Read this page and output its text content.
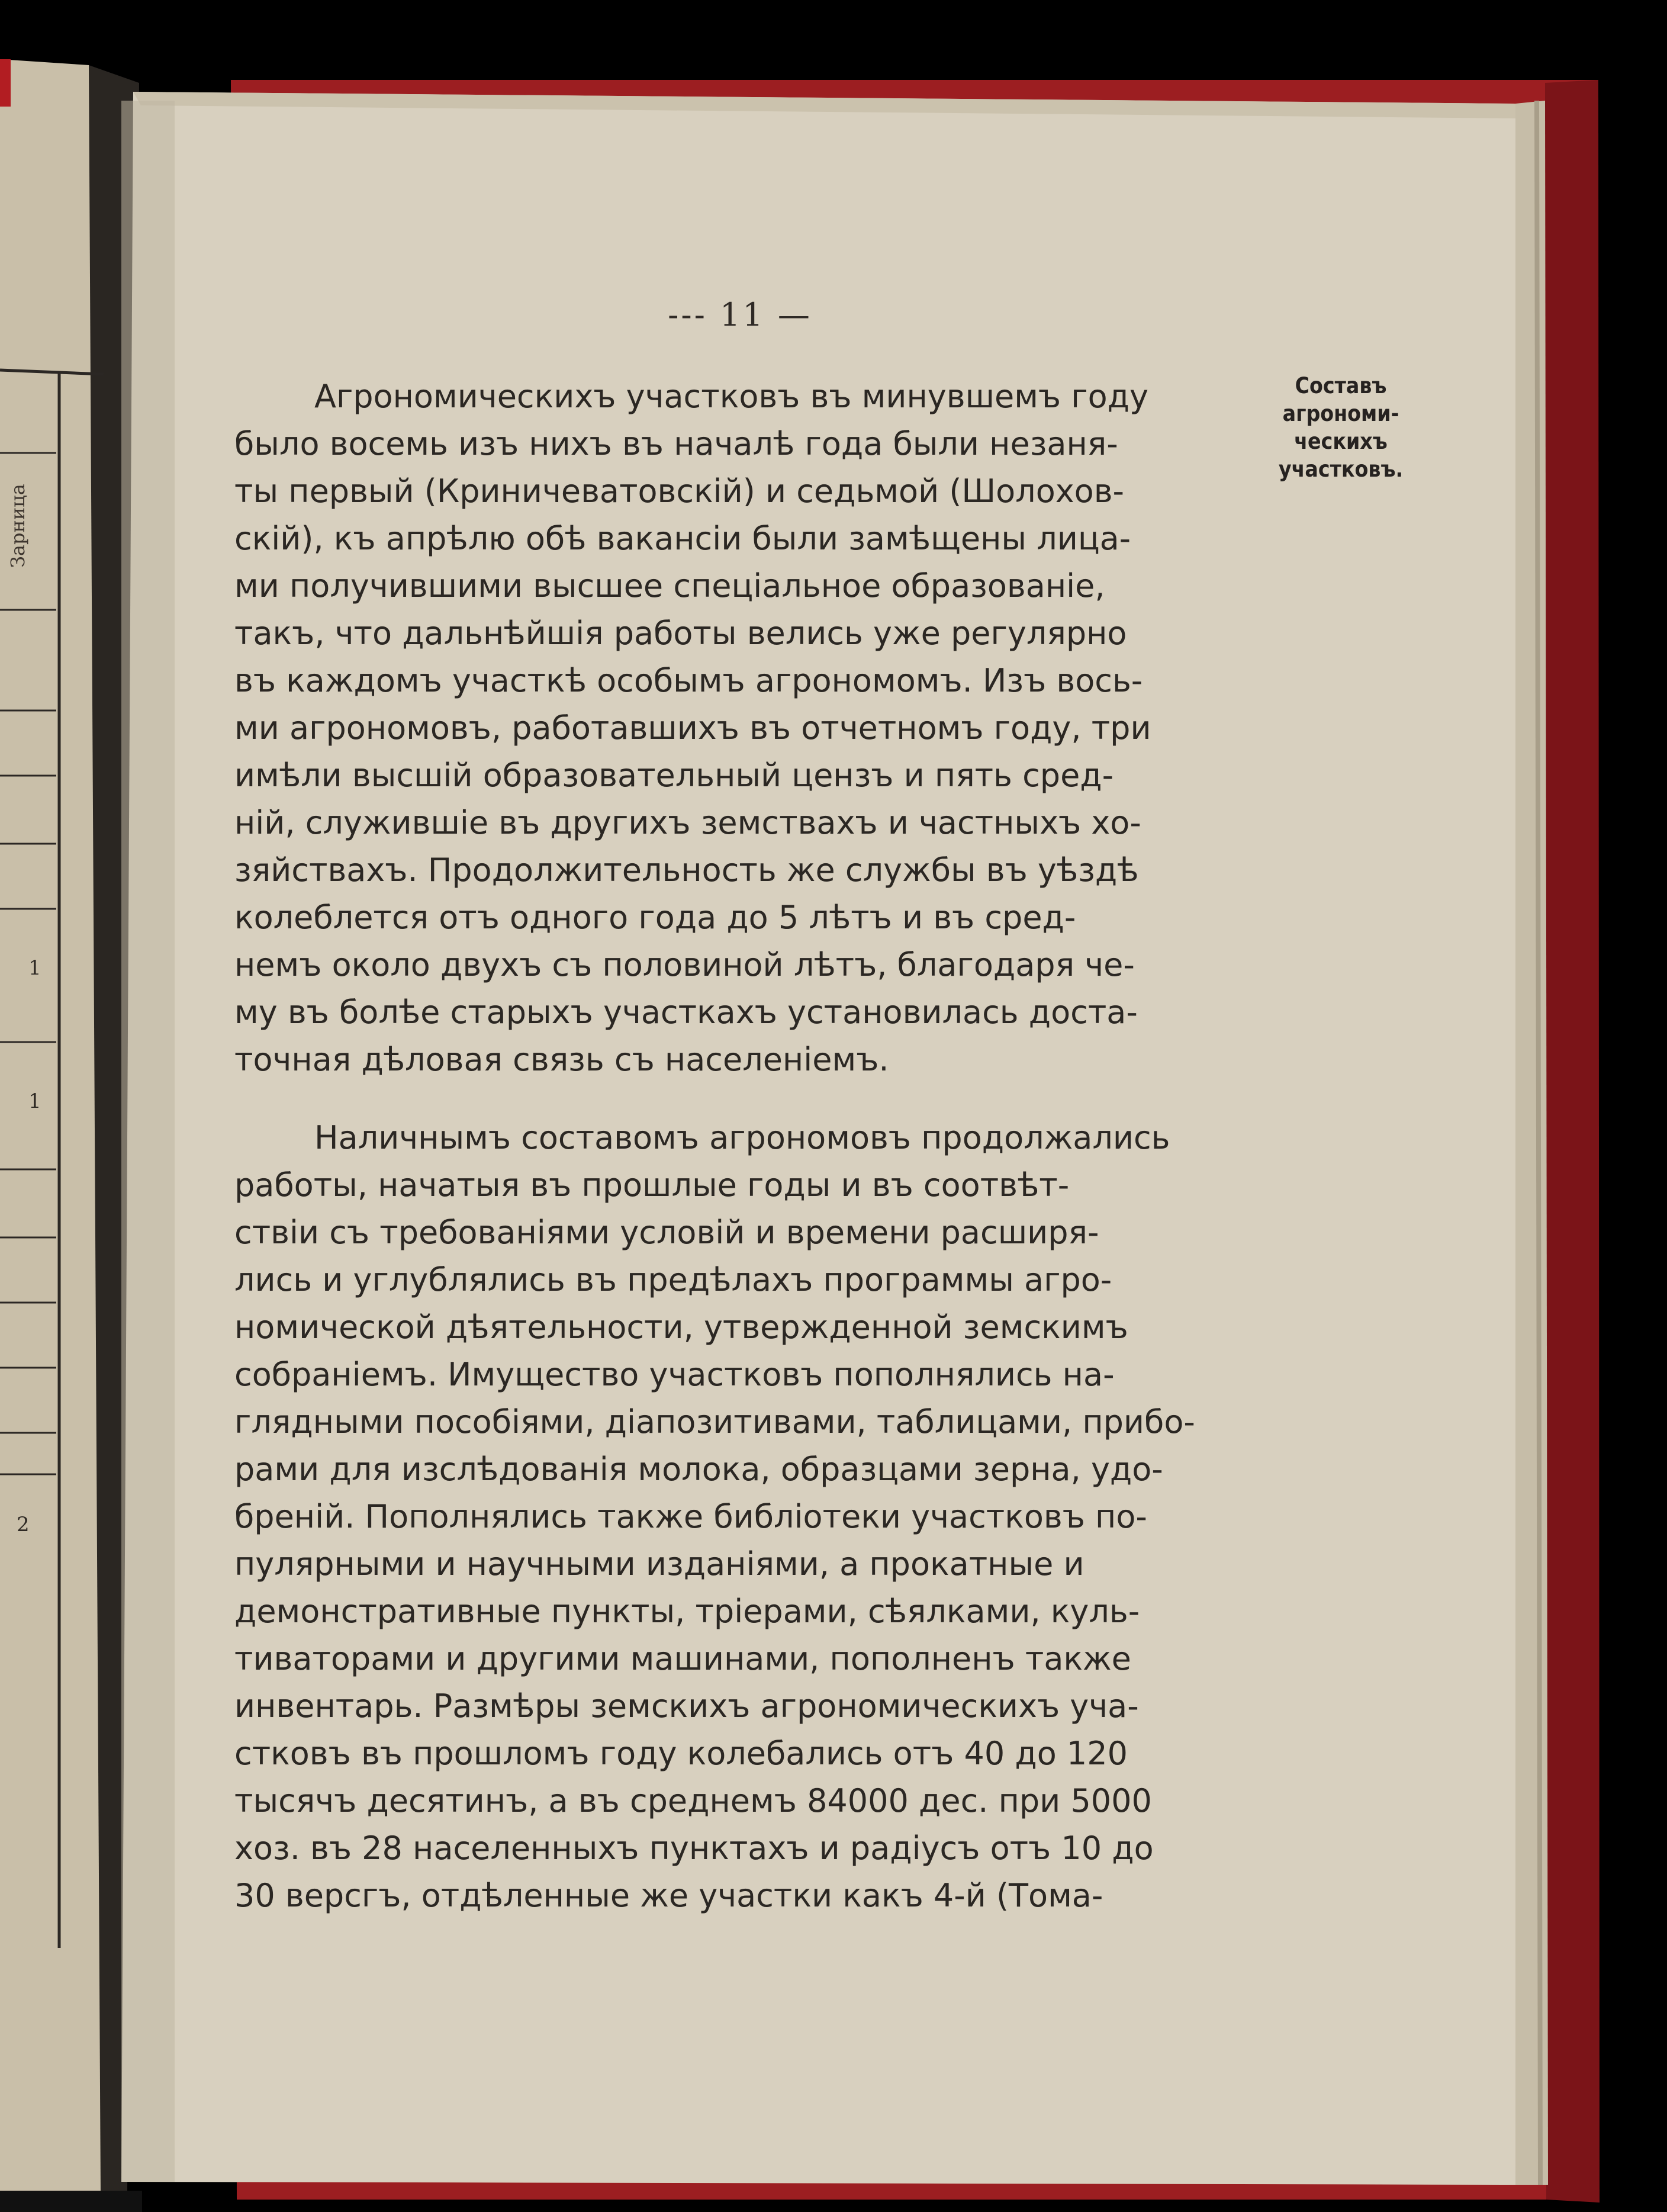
Зарница
1
1
2
--- 11 —
Составъ
агрономи-
ческихъ
участковъ.
Агрономическихъ участковъ въ минувшемъ году
было восемь изъ нихъ въ началѣ года были незаня-
ты первый (Криничеватовскій) и седьмой (Шолохов-
скій), къ апрѣлю обѣ вакансіи были замѣщены лица-
ми получившими высшее спеціальное образованіе,
такъ, что дальнѣйшія работы велись уже регулярно
въ каждомъ участкѣ особымъ агрономомъ. Изъ вось-
ми агрономовъ, работавшихъ въ отчетномъ году, три
имѣли высшій образовательный цензъ и пять сред-
ній, служившіе въ другихъ земствахъ и частныхъ хо-
зяйствахъ. Продолжительность же службы въ уѣздѣ
колеблется отъ одного года до 5 лѣтъ и въ сред-
немъ около двухъ съ половиной лѣтъ, благодаря че-
му въ болѣе старыхъ участкахъ установилась доста-
точная дѣловая связь съ населеніемъ.
Наличнымъ составомъ агрономовъ продолжались
работы, начатыя въ прошлые годы и въ соотвѣт-
ствіи съ требованіями условій и времени расширя-
лись и углублялись въ предѣлахъ программы агро-
номической дѣятельности, утвержденной земскимъ
собраніемъ. Имущество участковъ пополнялись на-
глядными пособіями, діапозитивами, таблицами, прибо-
рами для изслѣдованія молока, образцами зерна, удо-
бреній. Пополнялись также библіотеки участковъ по-
пулярными и научными изданіями, а прокатные и
демонстративные пункты, тріерами, сѣялками, куль-
тиваторами и другими машинами, пополненъ также
инвентарь. Размѣры земскихъ агрономическихъ уча-
стковъ въ прошломъ году колебались отъ 40 до 120
тысячъ десятинъ, а въ среднемъ 84000 дес. при 5000
хоз. въ 28 населенныхъ пунктахъ и радіусъ отъ 10 до
30 версгъ, отдѣленные же участки какъ 4-й (Тома-
